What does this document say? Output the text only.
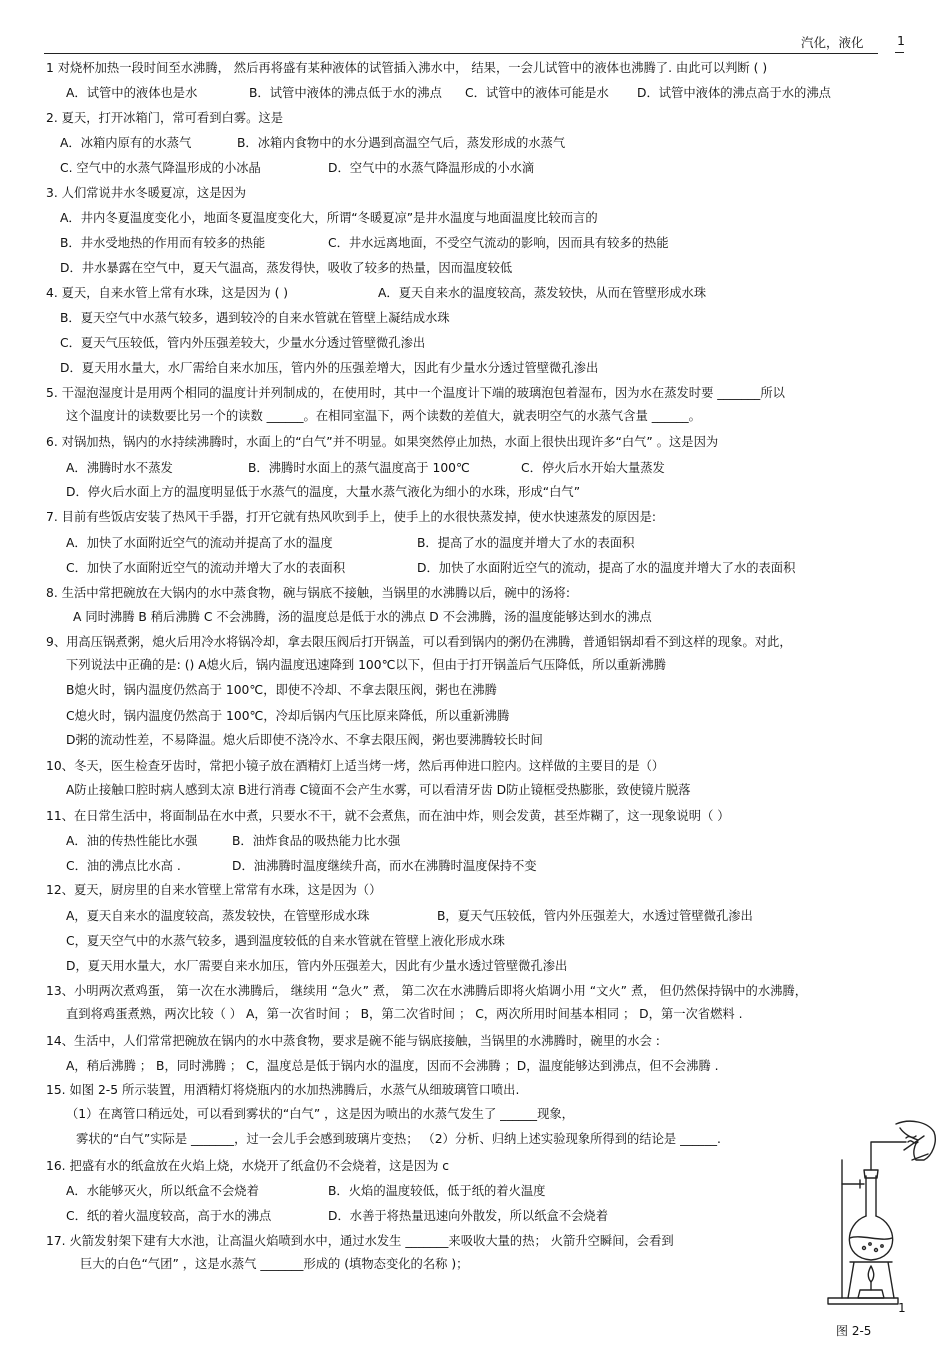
汽化，液化	1
1 对烧杯加热一段时间至水沸腾， 然后再将盛有某种液体的试管插入沸水中， 结果，一会儿试管中的液体也沸腾了. 由此可以判断 ( )
A．试管中的液体也是水	B．试管中液体的沸点低于水的沸点 C．试管中的液体可能是水 D．试管中液体的沸点高于水的沸点
2. 夏天，打开冰箱门，常可看到白雾。这是
A．冰箱内原有的水蒸气	B．冰箱内食物中的水分遇到高温空气后，蒸发形成的水蒸气
C. 空气中的水蒸气降温形成的小冰晶	D．空气中的水蒸气降温形成的小水滴
3. 人们常说井水冬暖夏凉，这是因为
A．井内冬夏温度变化小，地面冬夏温度变化大，所谓“冬暖夏凉”是井水温度与地面温度比较而言的
B．井水受地热的作用而有较多的热能	C．井水远离地面，不受空气流动的影响，因而具有较多的热能
D．井水暴露在空气中，夏天气温高，蒸发得快，吸收了较多的热量，因而温度较低
4. 夏天，自来水管上常有水珠，这是因为 ( )	A．夏天自来水的温度较高，蒸发较快，从而在管壁形成水珠
B．夏天空气中水蒸气较多，遇到较冷的自来水管就在管壁上凝结成水珠
C．夏天气压较低，管内外压强差较大，少量水分透过管壁微孔渗出
D．夏天用水量大，水厂需给自来水加压，管内外的压强差增大，因此有少量水分透过管壁微孔渗出
5. 干湿泡湿度计是用两个相同的温度计并列制成的，在使用时，其中一个温度计下端的玻璃泡包着湿布，因为水在蒸发时要 _______所以
这个温度计的读数要比另一个的读数 ______。在相同室温下，两个读数的差值大，就表明空气的水蒸气含量 ______。
6. 对锅加热，锅内的水持续沸腾时，水面上的“白气”并不明显。如果突然停止加热，水面上很快出现许多“白气” 。这是因为
A．沸腾时水不蒸发	B．沸腾时水面上的蒸气温度高于 100℃	C．停火后水开始大量蒸发
D．停火后水面上方的温度明显低于水蒸气的温度，大量水蒸气液化为细小的水珠，形成“白气”
7. 目前有些饭店安装了热风干手器，打开它就有热风吹到手上，使手上的水很快蒸发掉，使水快速蒸发的原因是:
A．加快了水面附近空气的流动并提高了水的温度	B．提高了水的温度并增大了水的表面积
C．加快了水面附近空气的流动并增大了水的表面积	D．加快了水面附近空气的流动，提高了水的温度并增大了水的表面积
8. 生活中常把碗放在大锅内的水中蒸食物，碗与锅底不接触，当锅里的水沸腾以后，碗中的汤将:
A 同时沸腾 B 稍后沸腾 C 不会沸腾，汤的温度总是低于水的沸点 D 不会沸腾，汤的温度能够达到水的沸点
9、用高压锅煮粥，熄火后用冷水将锅冷却，拿去限压阀后打开锅盖，可以看到锅内的粥仍在沸腾，普通铝锅却看不到这样的现象。对此，
下列说法中正确的是: () A熄火后，锅内温度迅速降到 100℃以下，但由于打开锅盖后气压降低，所以重新沸腾
B熄火时，锅内温度仍然高于 100℃，即使不冷却、不拿去限压阀，粥也在沸腾
C熄火时，锅内温度仍然高于 100℃，冷却后锅内气压比原来降低，所以重新沸腾
D粥的流动性差，不易降温。熄火后即使不浇冷水、不拿去限压阀，粥也要沸腾较长时间
10、冬天，医生检查牙齿时，常把小镜子放在酒精灯上适当烤一烤，然后再伸进口腔内。这样做的主要目的是（）
A防止接触口腔时病人感到太凉 B进行消毒 C镜面不会产生水雾，可以看清牙齿 D防止镜框受热膨胀，致使镜片脱落
11、在日常生活中，将面制品在水中煮，只要水不干，就不会煮焦，而在油中炸，则会发黄，甚至炸糊了，这一现象说明（ ）
A．油的传热性能比水强	B．油炸食品的吸热能力比水强
C．油的沸点比水高 .	D．油沸腾时温度继续升高，而水在沸腾时温度保持不变
12、夏天，厨房里的自来水管壁上常常有水珠，这是因为（）
A，夏天自来水的温度较高，蒸发较快，在管壁形成水珠	B，夏天气压较低，管内外压强差大，水透过管壁微孔渗出
C，夏天空气中的水蒸气较多，遇到温度较低的自来水管就在管壁上液化形成水珠
D，夏天用水量大，水厂需要自来水加压，管内外压强差大，因此有少量水透过管壁微孔渗出
13、小明两次煮鸡蛋， 第一次在水沸腾后， 继续用 “急火” 煮， 第二次在水沸腾后即将火焰调小用 “文火” 煮， 但仍然保持锅中的水沸腾，
直到将鸡蛋煮熟，两次比较（ ） A，第一次省时间 ； B，第二次省时间 ； C，两次所用时间基本相同 ； D，第一次省燃料 .
14、生活中，人们常常把碗放在锅内的水中蒸食物，要求是碗不能与锅底接触，当锅里的水沸腾时，碗里的水会 :
A，稍后沸腾 ； B，同时沸腾 ； C，温度总是低于锅内水的温度，因而不会沸腾 ；D，温度能够达到沸点，但不会沸腾 .
15. 如图 2-5 所示装置，用酒精灯将烧瓶内的水加热沸腾后，水蒸气从细玻璃管口喷出.
（1）在离管口稍远处，可以看到雾状的“白气” ，这是因为喷出的水蒸气发生了 ______现象，
雾状的“白气”实际是 _______，过一会儿手会感到玻璃片变热； （2）分析、归纳上述实验现象所得到的结论是 ______.
16. 把盛有水的纸盒放在火焰上烧，水烧开了纸盒仍不会烧着，这是因为 c
A．水能够灭火，所以纸盒不会烧着	B．火焰的温度较低，低于纸的着火温度
C．纸的着火温度较高，高于水的沸点	D．水善于将热量迅速向外散发，所以纸盒不会烧着
17. 火箭发射架下建有大水池，让高温火焰喷到水中，通过水发生 _______来吸收大量的热； 火箭升空瞬间，会看到
巨大的白色“气团” ，这是水蒸气 _______形成的 (填物态变化的名称 )；
1
图 2-5
